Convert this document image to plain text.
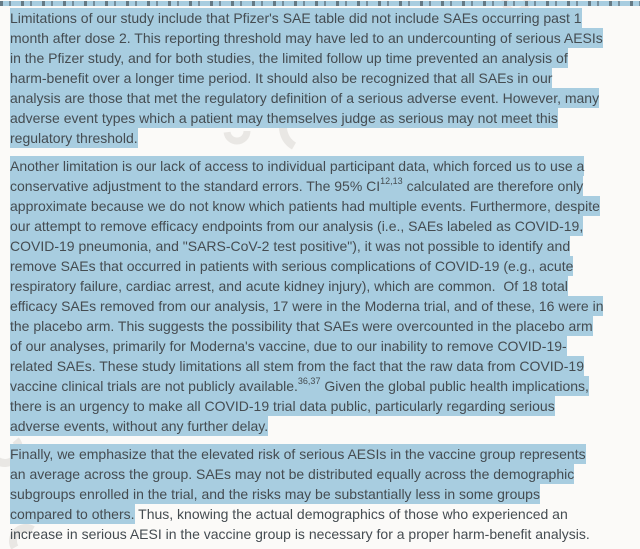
Limitations of our study include that Pfizer's SAE table did not include SAEs occurring past 1
month after dose 2. This reporting threshold may have led to an undercounting of serious AESIs
in the Pfizer study, and for both studies, the limited follow up time prevented an analysis of
harm-benefit over a longer time period. It should also be recognized that all SAEs in our
analysis are those that met the regulatory definition of a serious adverse event. However, many
adverse event types which a patient may themselves judge as serious may not meet this
regulatory threshold.
Another limitation is our lack of access to individual participant data, which forced us to use a
conservative adjustment to the standard errors. The 95% CI$^{12,13}$ calculated are therefore only
approximate because we do not know which patients had multiple events. Furthermore, despite
our attempt to remove efficacy endpoints from our analysis (i.e., SAEs labeled as COVID-19,
COVID-19 pneumonia, and "SARS-CoV-2 test positive"), it was not possible to identify and
remove SAEs that occurred in patients with serious complications of COVID-19 (e.g., acute
respiratory failure, cardiac arrest, and acute kidney injury), which are common.  Of 18 total
efficacy SAEs removed from our analysis, 17 were in the Moderna trial, and of these, 16 were in
the placebo arm. This suggests the possibility that SAEs were overcounted in the placebo arm
of our analyses, primarily for Moderna's vaccine, due to our inability to remove COVID-19-
related SAEs. These study limitations all stem from the fact that the raw data from COVID-19
vaccine clinical trials are not publicly available.$^{36,37}$ Given the global public health implications,
there is an urgency to make all COVID-19 trial data public, particularly regarding serious
adverse events, without any further delay.
Finally, we emphasize that the elevated risk of serious AESIs in the vaccine group represents
an average across the group. SAEs may not be distributed equally across the demographic
subgroups enrolled in the trial, and the risks may be substantially less in some groups
compared to others. Thus, knowing the actual demographics of those who experienced an
increase in serious AESI in the vaccine group is necessary for a proper harm-benefit analysis.
